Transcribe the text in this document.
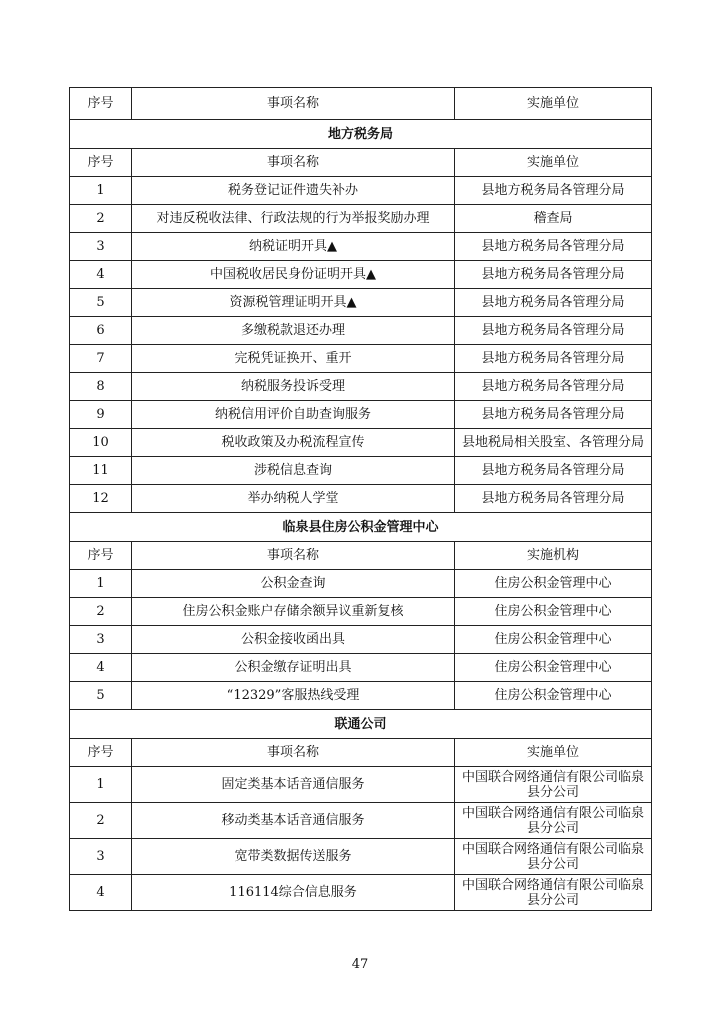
序号	事项名称	实施单位
地方税务局		
序号	事项名称	实施单位
1	税务登记证件遗失补办	县地方税务局各管理分局
2	对违反税收法律、行政法规的行为举报奖励办理	稽查局
3	纳税证明开具▲	县地方税务局各管理分局
4	中国税收居民身份证明开具▲	县地方税务局各管理分局
5	资源税管理证明开具▲	县地方税务局各管理分局
6	多缴税款退还办理	县地方税务局各管理分局
7	完税凭证换开、重开	县地方税务局各管理分局
8	纳税服务投诉受理	县地方税务局各管理分局
9	纳税信用评价自助查询服务	县地方税务局各管理分局
10	税收政策及办税流程宣传	县地税局相关股室、各管理分局
11	涉税信息查询	县地方税务局各管理分局
12	举办纳税人学堂	县地方税务局各管理分局
临泉县住房公积金管理中心		
序号	事项名称	实施机构
1	公积金查询	住房公积金管理中心
2	住房公积金账户存储余额异议重新复核	住房公积金管理中心
3	公积金接收函出具	住房公积金管理中心
4	公积金缴存证明出具	住房公积金管理中心
5	“12329”客服热线受理	住房公积金管理中心
联通公司		
序号	事项名称	实施单位
1	固定类基本话音通信服务	中国联合网络通信有限公司临泉县分公司
2	移动类基本话音通信服务	中国联合网络通信有限公司临泉县分公司
3	宽带类数据传送服务	中国联合网络通信有限公司临泉县分公司
4	116114综合信息服务	中国联合网络通信有限公司临泉县分公司
47
